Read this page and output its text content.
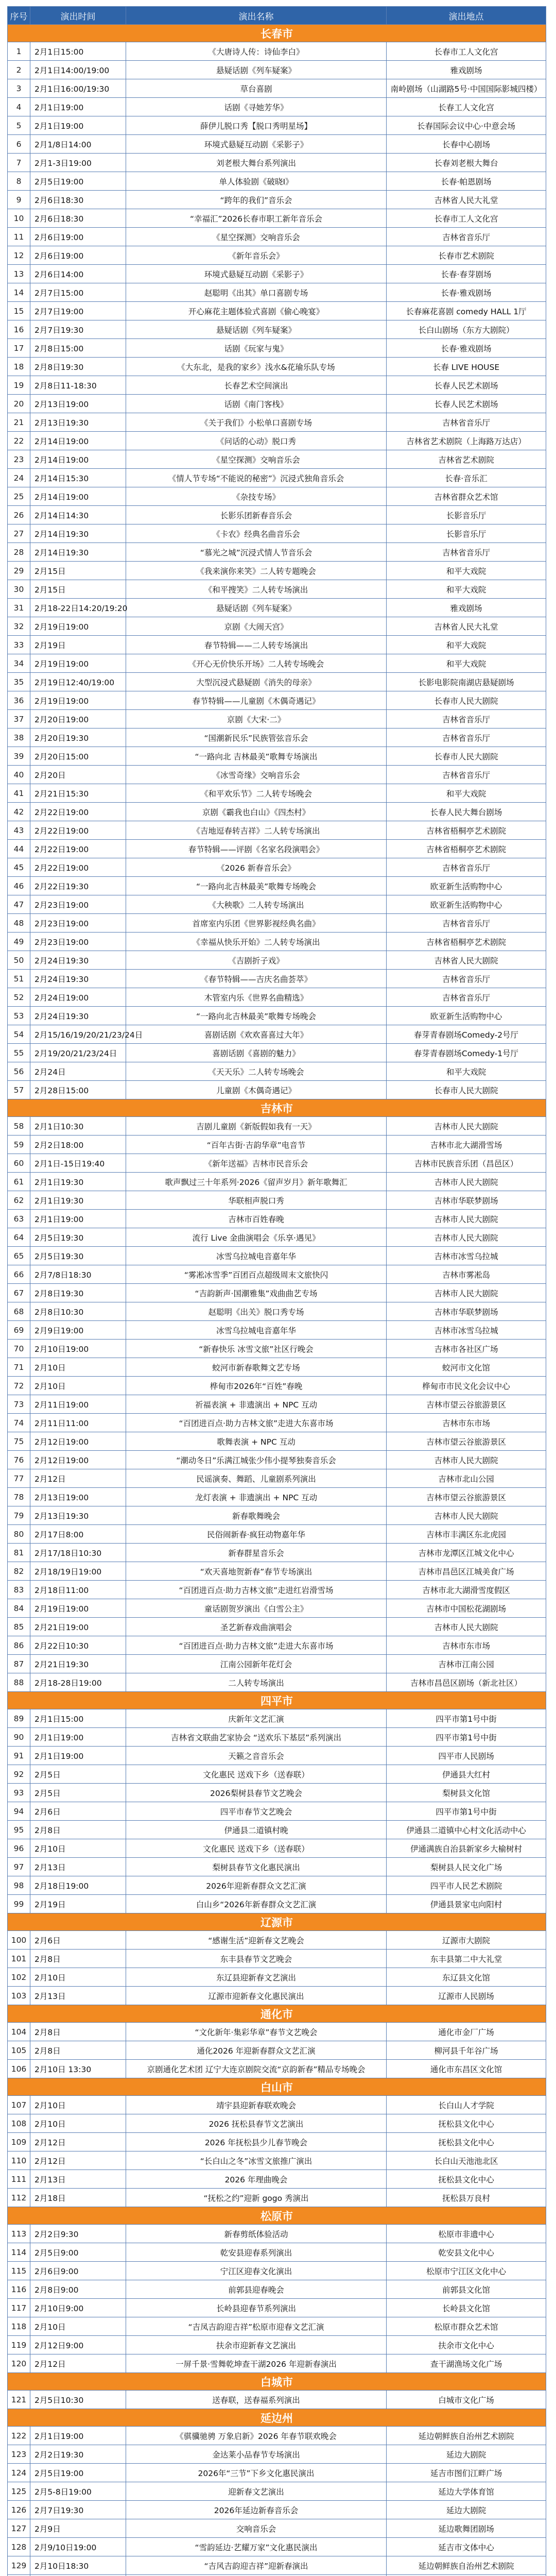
序号	演出时间	演出名称	演出地点
长春市			
1	2月1日15:00	《大唐诗人传：诗仙李白》	长春市工人文化宫
2	2月1日14:00/19:00	悬疑话剧《列车疑案》	雅戏剧场
3	2月1日16:00/19:30	草台喜剧	南岭剧场（山湖路5号·中国国际影城四楼）
4	2月1日19:00	话剧《寻她芳华》	长春工人文化宫
5	2月1日19:00	薛伊儿脱口秀【脱口秀明星场】	长春国际会议中心·中意会场
6	2月1/8日14:00	环境式悬疑互动剧《采影子》	长春中心剧场
7	2月1-3日19:00	刘老根大舞台系列演出	长春刘老根大舞台
8	2月5日19:00	单人体验剧《破晓Ⅰ》	长春·帕恩剧场
9	2月6日18:30	“跨年的我们”音乐会	吉林省人民大礼堂
10	2月6日18:30	“幸福汇”2026长春市职工新年音乐会	长春市工人文化宫
11	2月6日19:00	《星空探测》交响音乐会	吉林省音乐厅
12	2月6日19:00	《新年音乐会》	长春市艺术剧院
13	2月6日14:00	环境式悬疑互动剧《采影子》	长春·春芽剧场
14	2月7日15:00	赵聪明《出其》单口喜剧专场	长春·雅戏剧场
15	2月7日19:00	开心麻花主题体验式喜剧《偷心晚宴》	长春麻花喜剧 comedy HALL 1厅
16	2月7日19:30	悬疑话剧《列车疑案》	长白山剧场（东方大剧院）
17	2月8日15:00	话剧《玩家与鬼》	长春·雅戏剧场
18	2月8日19:30	《大东北，是我的家乡》浅水&花瑜乐队专场	长春 LIVE HOUSE
19	2月8日11-18:30	长春艺术空间演出	长春人民艺术剧场
20	2月13日19:00	话剧《南门客栈》	长春人民艺术剧场
21	2月13日19:30	《关于我们》小松单口喜剧专场	吉林省音乐厅
22	2月14日19:00	《问话的心动》脱口秀	吉林省艺术剧院（上海路万达店）
23	2月14日19:00	《星空探测》交响音乐会	吉林省艺术剧院
24	2月14日15:30	《情人节专场“不能说的秘密”》沉浸式独角音乐会	长春·音乐汇
25	2月14日19:00	《杂技专场》	吉林省群众艺术馆
26	2月14日14:30	长影乐团新春音乐会	长影音乐厅
27	2月14日19:30	《卡农》经典名曲音乐会	长影音乐厅
28	2月14日19:30	“慕光之城”沉浸式情人节音乐会	吉林省音乐厅
29	2月15日	《我来演你来笑》二人转专题晚会	和平大戏院
30	2月15日	《和平搜笑》二人转专场演出	和平大戏院
31	2月18-22日14:20/19:20	悬疑话剧《列车疑案》	雅戏剧场
32	2月19日19:00	京剧《大闹天宫》	吉林省人民大礼堂
33	2月19日	春节特辑——二人转专场演出	和平大戏院
34	2月19日19:00	《开心无价快乐开场》二人转专场晚会	和平大戏院
35	2月19日12:40/19:00	大型沉浸式悬疑剧《消失的母亲》	长影电影院南湖店悬疑剧场
36	2月19日19:00	春节特辑——儿童剧《木偶奇遇记》	长春市人民大剧院
37	2月20日19:00	京剧《大宋·二》	吉林省音乐厅
38	2月20日19:30	“国潮新民乐”民族管弦音乐会	吉林省音乐厅
39	2月20日15:00	“一路向北 吉林最美”歌舞专场演出	长春市人民大剧院
40	2月20日	《冰雪奇缘》交响音乐会	吉林省音乐厅
41	2月21日15:30	《和平欢乐节》二人转专场晚会	和平大戏院
42	2月22日19:00	京剧《霸我也白山》《四杰村》	长春人民大舞台剧场
43	2月22日19:00	《吉地逗春转吉祥》二人转专场演出	吉林省梧桐亭艺术剧院
44	2月22日19:00	春节特辑——评剧《名家名段演唱会》	吉林省梧桐亭艺术剧院
45	2月22日19:00	《2026 新春音乐会》	吉林省音乐厅
46	2月22日19:30	“一路向北吉林最美”歌舞专场晚会	欧亚新生活购物中心
47	2月23日19:00	《大秧歌》二人转专场演出	欧亚新生活购物中心
48	2月23日19:00	首席室内乐团《世界影视经典名曲》	吉林省音乐厅
49	2月23日19:00	《幸福从快乐开始》二人转专场演出	吉林省梧桐亭艺术剧院
50	2月24日19:30	《吉剧折子戏》	吉林省人民大剧院
51	2月24日19:30	《春节特辑——吉庆名曲荟萃》	吉林省音乐厅
52	2月24日19:00	木管室内乐《世界名曲精选》	吉林省音乐厅
53	2月24日19:30	“一路向北吉林最美”歌舞专场晚会	欧亚新生活购物中心
54	2月15/16/19/20/21/23/24日	喜剧话剧《欢欢喜喜过大年》	春芽青春剧场Comedy-2号厅
55	2月19/20/21/23/24日	喜剧话剧《喜剧的魅力》	春芽青春剧场Comedy-1号厅
56	2月24日	《天天乐》二人转专场晚会	和平大戏院
57	2月28日15:00	儿童剧《木偶奇遇记》	长春市人民大剧院
吉林市			
58	2月1日10:30	吉剧儿童剧《新版假如我有一天》	吉林市人民大剧院
59	2月2日18:00	“百年古街·吉韵华章”电音节	吉林市北大湖滑雪场
60	2月1日-15日19:40	《新年送福》吉林市民音乐会	吉林市民族音乐团（昌邑区）
61	2月1日19:30	歌声飘过三十年系列·2026《留声岁月》新年歌舞汇	吉林市人民大剧院
62	2月1日19:30	华联相声脱口秀	吉林市华联梦剧场
63	2月1日19:00	吉林市百姓春晚	吉林市人民大剧院
64	2月5日19:30	流行 Live 金曲演唱会《乐享·遇见》	吉林市人民大剧院
65	2月5日19:30	冰雪乌拉城电音嘉年华	吉林市冰雪乌拉城
66	2月7/8日18:30	“雾凇冰雪季”百团百点超级周末文旅快闪	吉林市雾凇岛
67	2月8日19:30	“吉韵新声·国潮雅集”戏曲曲艺专场	吉林市人民大剧院
68	2月8日10:30	赵聪明《出关》脱口秀专场	吉林市华联梦剧场
69	2月9日19:00	冰雪乌拉城电音嘉年华	吉林市冰雪乌拉城
70	2月10日19:00	“新春快乐 冰雪文旅”社区行晚会	吉林市各社区广场
71	2月10日	蛟河市新春歌舞文艺专场	蛟河市文化馆
72	2月10日	桦甸市2026年“百姓”春晚	桦甸市市民文化会议中心
73	2月11日19:00	祈福表演 + 非遗演出 + NPC 互动	吉林市望云谷旅游景区
74	2月11日11:00	“百团进百点·助力吉林文旅”走进大东喜市场	吉林市东市场
75	2月12日19:00	歌舞表演 + NPC 互动	吉林市望云谷旅游景区
76	2月12日19:00	“潮动冬日”乐满江城张少伟小提琴独奏音乐会	吉林市人民大剧院
77	2月12日	民谣演奏、舞蹈、儿童剧系列演出	吉林市北山公园
78	2月13日19:00	龙灯表演 + 非遗演出 + NPC 互动	吉林市望云谷旅游景区
79	2月13日19:30	新春歌舞晚会	吉林市人民大剧院
80	2月17日8:00	民俗闹新春·疯狂动物嘉年华	吉林市丰满区东北虎园
81	2月17/18日10:30	新春群星音乐会	吉林市龙潭区江城文化中心
82	2月18/19日19:00	“欢天喜地贺新春”春节专场演出	吉林市昌邑区江城美食广场
83	2月18日11:00	“百团进百点·助力吉林文旅”走进红岩滑雪场	吉林市北大湖滑雪度假区
84	2月19日19:00	童话剧贺岁演出《白雪公主》	吉林市中国松花湖剧场
85	2月21日19:00	圣艺新春戏曲演唱会	吉林市人民大剧院
86	2月22日10:30	“百团进百点·助力吉林文旅”走进大东喜市场	吉林市东市场
87	2月21日19:30	江南公园新年花灯会	吉林市江南公园
88	2月18-28日19:00	二人转专场演出	吉林市昌邑区剧场（新北社区）
四平市			
89	2月1日15:00	庆新年文艺汇演	四平市第1号中街
90	2月1日19:00	吉林省文联曲艺家协会 “送欢乐下基层”系列演出	四平市第1号中街
91	2月1日19:00	天籁之音音乐会	四平市人民剧场
92	2月5日	文化惠民 送戏下乡（送春联）	伊通县大红村
93	2月5日	2026梨树县春节文艺晚会	梨树县文化馆
94	2月6日	四平市春节文艺晚会	四平市第1号中街
95	2月8日	伊通县二道镇村晚	伊通县二道镇中心村文化活动中心
96	2月10日	文化惠民 送戏下乡（送春联）	伊通满族自治县新家乡大榆树村
97	2月13日	梨树县春节文化惠民演出	梨树县人民文化广场
98	2月18日19:00	2026年迎新春群众文艺汇演	四平市人民艺术剧院
99	2月19日	白山乡“2026年新春群众文艺汇演	伊通县景家屯向阳村
辽源市			
100	2月6日	“感谢生活”迎新春文艺晚会	辽源市大剧院
101	2月8日	东丰县春节文艺晚会	东丰县第二中大礼堂
102	2月10日	东辽县迎新春文艺演出	东辽县文化馆
103	2月13日	辽源市迎新春文化惠民演出	辽源市人民剧场
通化市			
104	2月8日	“文化新年·集彩华章”春节文艺晚会	通化市金厂广场
105	2月8日	通化2026 年迎新春群众文艺汇演	柳河县千年谷广场
106	2月10日 13:30	京剧通化艺术团 辽宁大连京剧院交流“京韵新春”精品专场晚会	通化市东昌区文化馆
白山市			
107	2月10日	靖宇县迎新春联欢晚会	长白山人才学院
108	2月10日	2026 抚松县春节文艺演出	抚松县文化中心
109	2月12日	2026 年抚松县少儿春节晚会	抚松县文化中心
110	2月12日	“长白山之冬”冰雪文旅推广演出	长白山天池池北区
111	2月13日	2026 年理曲晚会	抚松县文化中心
112	2月18日	“抚松之约”迎新 gogo 秀演出	抚松县万良村
松原市			
113	2月2日9:30	新春剪纸体验活动	松原市非遗中心
114	2月5日9:00	乾安县迎春系列演出	乾安县文化中心
115	2月6日9:00	宁江区迎春文化演出	松原市宁江区文化中心
116	2月8日9:00	前郭县迎春晚会	前郭县文化馆
117	2月10日9:00	长岭县迎春节系列演出	长岭县文化馆
118	2月10日	“吉凤吉韵迎吉祥”松原市迎春文艺汇演	松原市群众艺术馆
119	2月12日9:00	扶余市迎新春文艺演出	扶余市文化中心
120	2月12日	一屏千景·雪舞乾坤查干湖2026 年迎新春演出	查干湖渔场文化广场
白城市			
121	2月5日10:30	送春联，送春福系列演出	白城市文化广场
延边州			
122	2月1日19:00	《骐骥驰骋 万象启新》2026 年春节联欢晚会	延边朝鲜族自治州艺术剧院
123	2月2日19:30	金达莱小品春节专场演出	延边大剧院
124	2月5日19:00	2026年“三节”下乡文化惠民演出	延吉市图们江畔广场
125	2月5-8日19:00	迎新春文艺演出	延边大学体育馆
126	2月7日19:30	2026年延边新春音乐会	延边大剧院
127	2月9日	交响音乐会	延边歌舞团剧场
128	2月9/10日19:00	“雪韵延边·艺耀万家”文化惠民演出	延吉市文体中心
129	2月10日18:30	“吉风吉韵迎吉祥”迎新春演出	延边朝鲜族自治州艺术剧院
